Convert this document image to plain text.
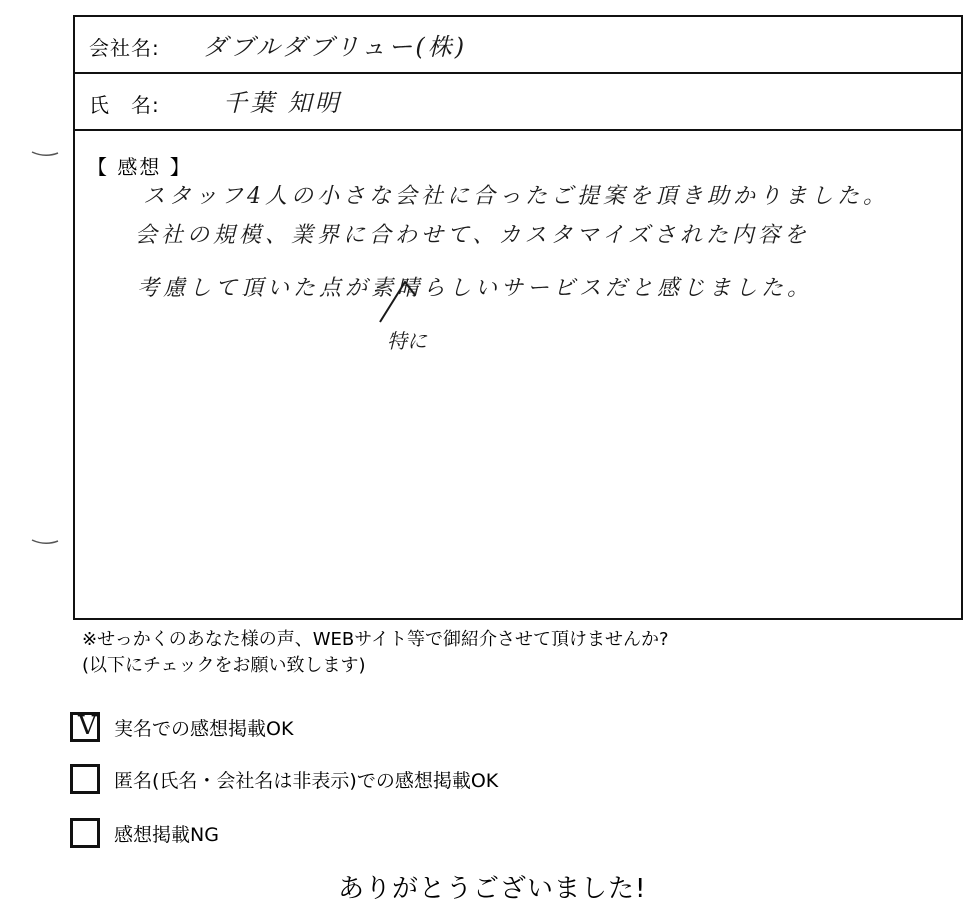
会社名: ダブルダブリュー(株)
氏　名:	千葉 知明
【 感想 】
スタッフ4人の小さな会社に合ったご提案を頂き助かりました。
会社の規模、業界に合わせて、カスタマイズされた内容を
考慮して頂いた点が素晴らしいサービスだと感じました。
特に
※せっかくのあなた様の声、WEBサイト等で御紹介させて頂けませんか?
(以下にチェックをお願い致します)
V 実名での感想掲載OK
匿名(氏名・会社名は非表示)での感想掲載OK
感想掲載NG
ありがとうございました!
